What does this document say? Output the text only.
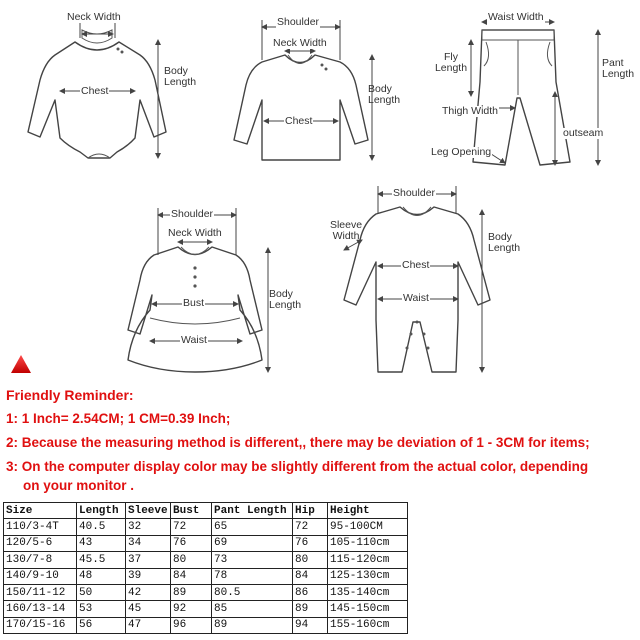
Neck Width
Chest
Body Length
Shoulder
Neck Width
Chest
Body Length
Waist Width
Fly Length	Pant Length
Thigh Width
outseam
Leg Opening
Shoulder
Neck Width
Bust
Body Length
Waist
Shoulder
Sleeve Width
Chest
Body Length
Waist
Friendly Reminder:
1: 1 Inch= 2.54CM; 1 CM=0.39 Inch;
2: Because the measuring method is different,, there may be deviation of 1 - 3CM for items;
3: On the computer display color may be slightly different from the actual color, depending
on your monitor .
Size	Length	Sleeve	Bust	Pant Length	Hip	Height
110/3-4T	40.5	32	72	65	72	95-100CM
120/5-6	43	34	76	69	76	105-110cm
130/7-8	45.5	37	80	73	80	115-120cm
140/9-10	48	39	84	78	84	125-130cm
150/11-12	50	42	89	80.5	86	135-140cm
160/13-14	53	45	92	85	89	145-150cm
170/15-16	56	47	96	89	94	155-160cm
